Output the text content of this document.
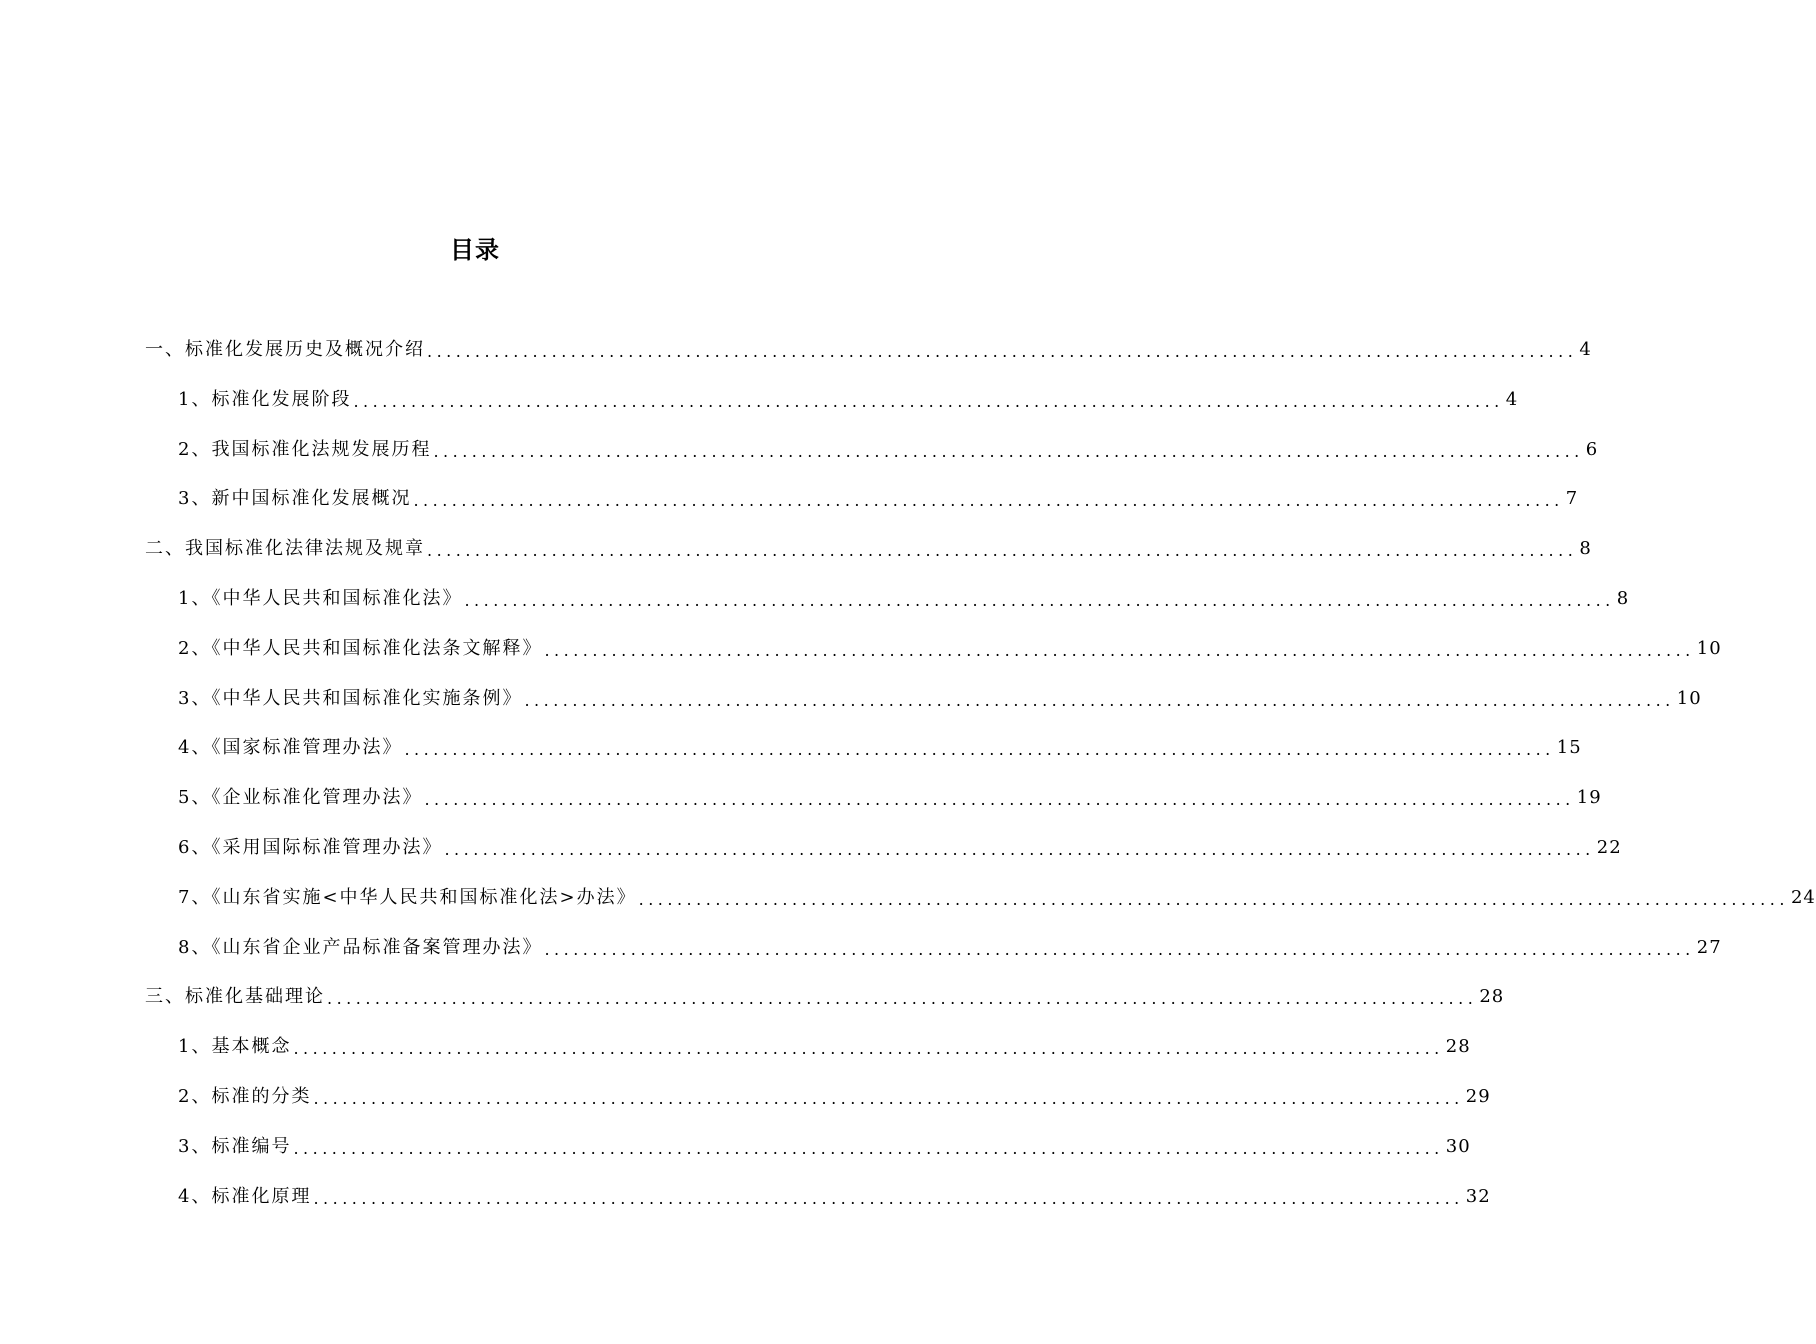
目录
一、标准化发展历史及概况介绍 ........................................................................................................................ 4
1、标准化发展阶段 ........................................................................................................................ 4
2、我国标准化法规发展历程 ........................................................................................................................ 6
3、新中国标准化发展概况 ........................................................................................................................ 7
二、我国标准化法律法规及规章 ........................................................................................................................ 8
1、《中华人民共和国标准化法》 ........................................................................................................................ 8
2、《中华人民共和国标准化法条文解释》 ........................................................................................................................ 10
3、《中华人民共和国标准化实施条例》 ........................................................................................................................ 10
4、《国家标准管理办法》 ........................................................................................................................ 15
5、《企业标准化管理办法》 ........................................................................................................................ 19
6、《采用国际标准管理办法》 ........................................................................................................................ 22
7、《山东省实施<中华人民共和国标准化法>办法》 ........................................................................................................................ 24
8、《山东省企业产品标准备案管理办法》 ........................................................................................................................ 27
三、标准化基础理论 ........................................................................................................................ 28
1、基本概念 ........................................................................................................................ 28
2、标准的分类 ........................................................................................................................ 29
3、标准编号 ........................................................................................................................ 30
4、标准化原理 ........................................................................................................................ 32
